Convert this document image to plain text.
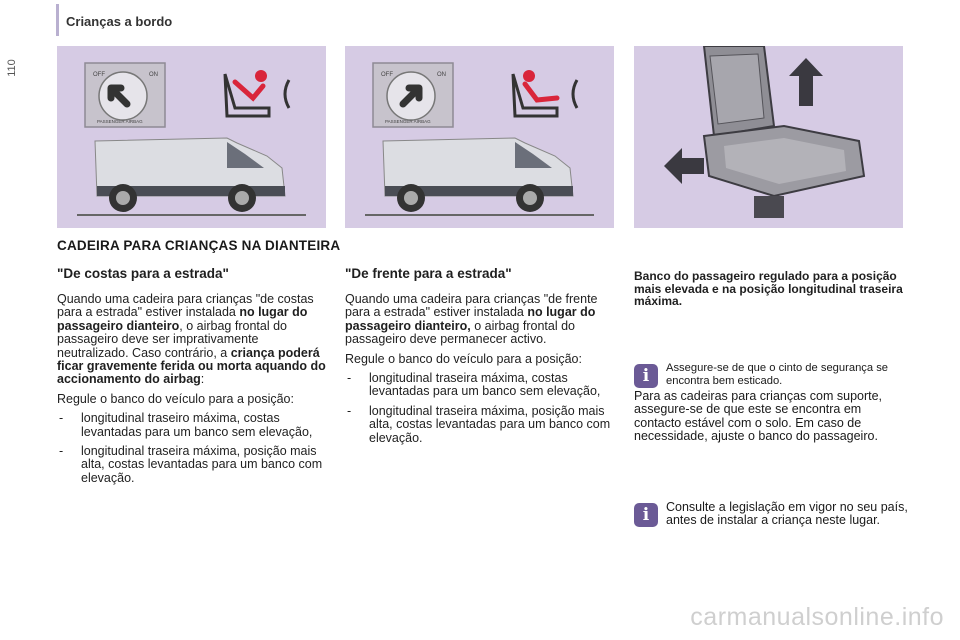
Crianças a bordo
110	OFF	ON
PASSENGER AIRBAG
OFF	ON
PASSENGER AIRBAG
CADEIRA PARA CRIANÇAS NA DIANTEIRA
"De costas para a estrada"

Quando uma cadeira para crianças "de costas para a estrada" estiver instalada no lugar do passageiro dianteiro, o airbag frontal do passageiro deve ser imprativamente neutralizado. Caso contrário, a criança poderá ficar gravemente ferida ou morta aquando do accionamento do airbag:

Regule o banco do veículo para a posição:

- longitudinal traseiro máxima, costas levantadas para um banco sem elevação,
- longitudinal traseira máxima, posição mais alta, costas levantadas para um banco com elevação.
"De frente para a estrada"

Quando uma cadeira para crianças "de frente para a estrada" estiver instalada no lugar do passageiro dianteiro, o airbag frontal do passageiro deve permanecer activo.

Regule o banco do veículo para a posição:

- longitudinal traseira máxima, costas levantadas para um banco sem elevação,
- longitudinal traseira máxima, posição mais alta, costas levantadas para um banco com elevação.
Banco do passageiro regulado para a posição mais elevada e na posição longitudinal traseira máxima.
i	Assegure-se de que o cinto de segurança se encontra bem esticado.
Para as cadeiras para crianças com suporte, assegure-se de que este se encontra em contacto estável com o solo. Em caso de necessidade, ajuste o banco do passageiro.
i	Consulte a legislação em vigor no seu país, antes de instalar a criança neste lugar.
carmanualsonline.info
